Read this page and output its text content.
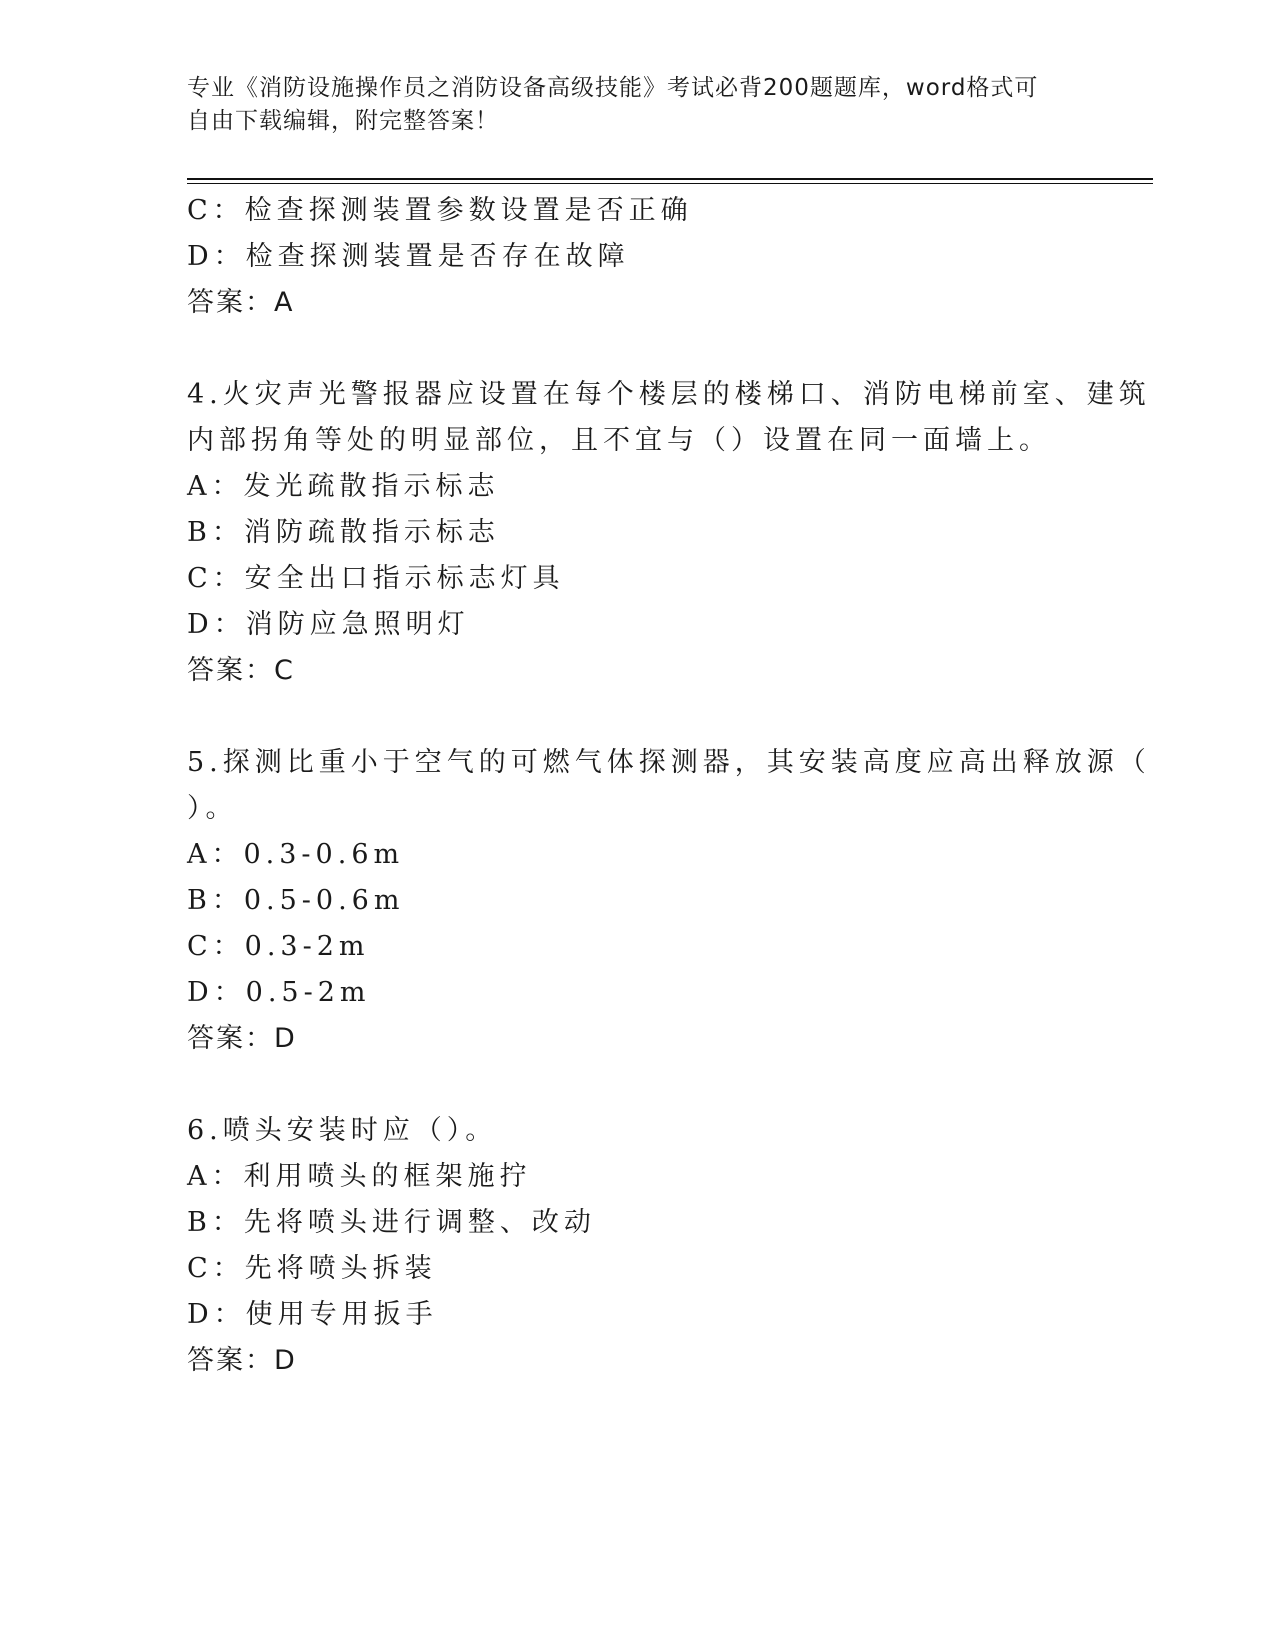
专业《消防设施操作员之消防设备高级技能》考试必背200题题库，word格式可
自由下载编辑，附完整答案！
C：检查探测装置参数设置是否正确
D：检查探测装置是否存在故障
答案：A
4.火灾声光警报器应设置在每个楼层的楼梯口、消防电梯前室、建筑
内部拐角等处的明显部位，且不宜与（）设置在同一面墙上。
A：发光疏散指示标志
B：消防疏散指示标志
C：安全出口指示标志灯具
D：消防应急照明灯
答案：C
5.探测比重小于空气的可燃气体探测器，其安装高度应高出释放源（
）。
A：0.3-0.6m
B：0.5-0.6m
C：0.3-2m
D：0.5-2m
答案：D
6.喷头安装时应（）。
A：利用喷头的框架施拧
B：先将喷头进行调整、改动
C：先将喷头拆装
D：使用专用扳手
答案：D
